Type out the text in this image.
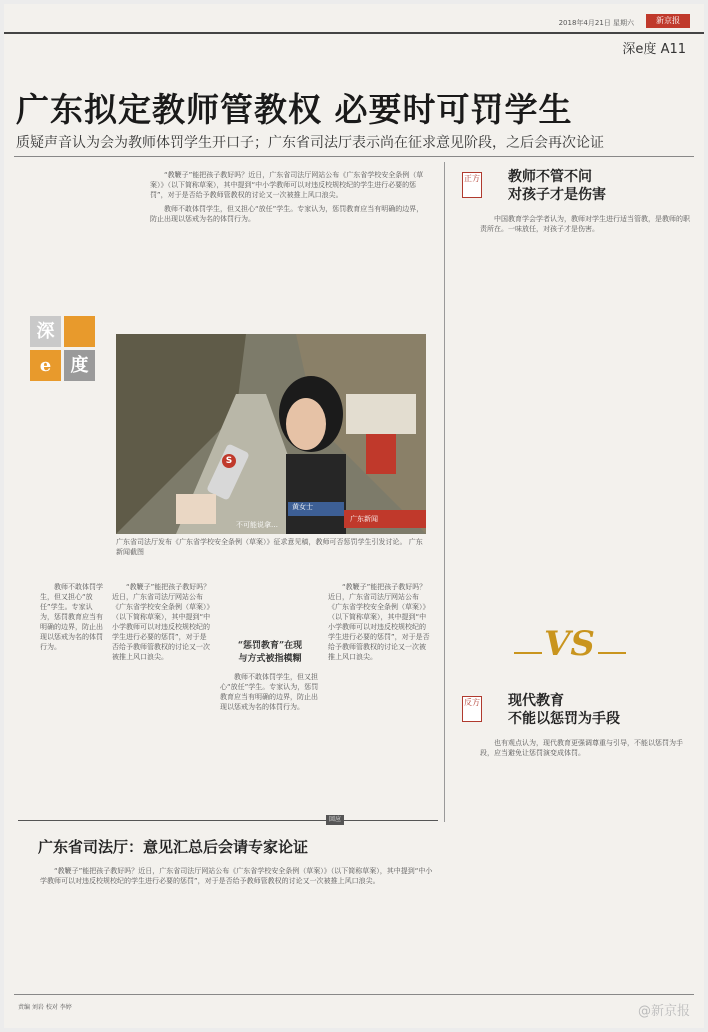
2018年4月21日 星期六	新京报
深e度 A11
广东拟定教师管教权 必要时可罚学生
质疑声音认为会为教师体罚学生开口子；广东省司法厅表示尚在征求意见阶段，之后会再次论证

“教鞭子”能把孩子教好吗？近日，广东省司法厅网站公布《广东省学校安全条例（草案）》（以下简称草案），其中提到“中小学教师可以对违反校规校纪的学生进行必要的惩罚”，对于是否给予教师管教权的讨论又一次被推上风口浪尖。

教师不敢体罚学生，但又担心“放任”学生。专家认为，惩罚教育应当有明确的边界，防止出现以惩戒为名的体罚行为。

深
e	度
S
黄女士
不可能说拿…
广东新闻
广东省司法厅发布《广东省学校安全条例（草案）》征求意见稿，教师可否惩罚学生引发讨论。 广东新闻截图
正方 教师不管不问
对孩子才是伤害

中国教育学会学者认为，教师对学生进行适当管教，是教师的职责所在。一味放任，对孩子才是伤害。

VS
反方 现代教育
不能以惩罚为手段

也有观点认为，现代教育更强调尊重与引导，不能以惩罚为手段，应当避免让惩罚演变成体罚。

教师不敢体罚学生，但又担心“放任”学生。专家认为，惩罚教育应当有明确的边界，防止出现以惩戒为名的体罚行为。

“教鞭子”能把孩子教好吗？近日，广东省司法厅网站公布《广东省学校安全条例（草案）》（以下简称草案），其中提到“中小学教师可以对违反校规校纪的学生进行必要的惩罚”，对于是否给予教师管教权的讨论又一次被推上风口浪尖。

“惩罚教育”在现
与方式被指模糊

教师不敢体罚学生，但又担心“放任”学生。专家认为，惩罚教育应当有明确的边界，防止出现以惩戒为名的体罚行为。

“教鞭子”能把孩子教好吗？近日，广东省司法厅网站公布《广东省学校安全条例（草案）》（以下简称草案），其中提到“中小学教师可以对违反校规校纪的学生进行必要的惩罚”，对于是否给予教师管教权的讨论又一次被推上风口浪尖。

回应
广东省司法厅：意见汇总后会请专家论证

“教鞭子”能把孩子教好吗？近日，广东省司法厅网站公布《广东省学校安全条例（草案）》（以下简称草案），其中提到“中小学教师可以对违反校规校纪的学生进行必要的惩罚”，对于是否给予教师管教权的讨论又一次被推上风口浪尖。

责编 刘岩 校对 李婷	@新京报
